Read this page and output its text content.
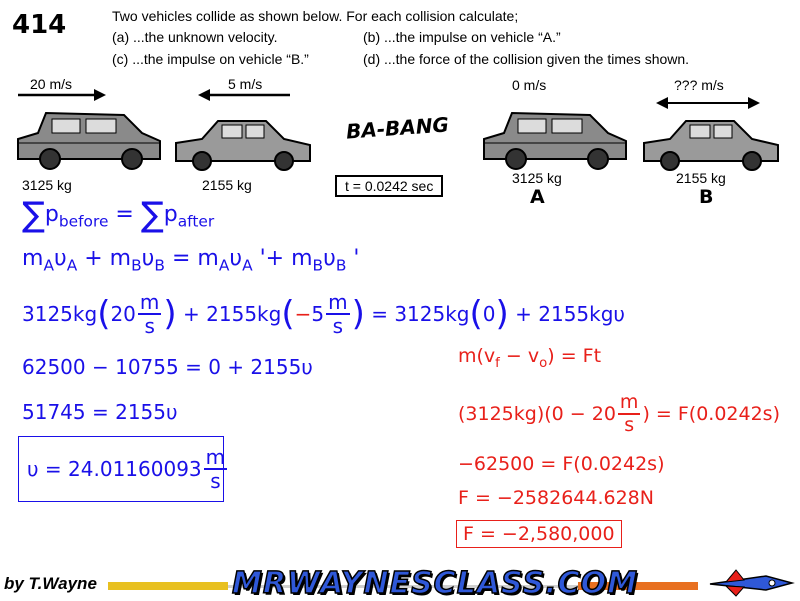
414	Two vehicles collide as shown below. For each collision calculate;
(a) ...the unknown velocity.	(b) ...the impulse on vehicle “A.”
(c) ...the impulse on vehicle “B.”	(d) ...the force of the collision given the times shown.
20 m/s	5 m/s	0 m/s	??? m/s
BA-BANG
3125 kg	2155 kg	t = 0.0242 sec	3125 kg	2155 kg
A	B
$\sum p_{before} = \sum p_{after}$
$m_A\upsilon_A + m_B\upsilon_B = m_A\upsilon_A$ '+ $m_B\upsilon_B$ '
3125kg ( $20 \frac{m}{s}$ )
+
2155kg ( − $5 \frac{m}{s}$ )
= 3125kg ( 0 )
+ 2155kgυ
62500 − 10755 = 0 + 2155υ
51745 = 2155υ
$\upsilon = 24.01160093 \frac{m}{s}$
$m(v_f - v_o) = Ft$
$(3125kg)(0 - 20 \frac{m}{s}$ ) = F(0.0242s)
−62500 = F(0.0242s)
F = −2582644.628N
F = −2,580,000
by T.Wayne	MRWAYNESCLASS.COM
